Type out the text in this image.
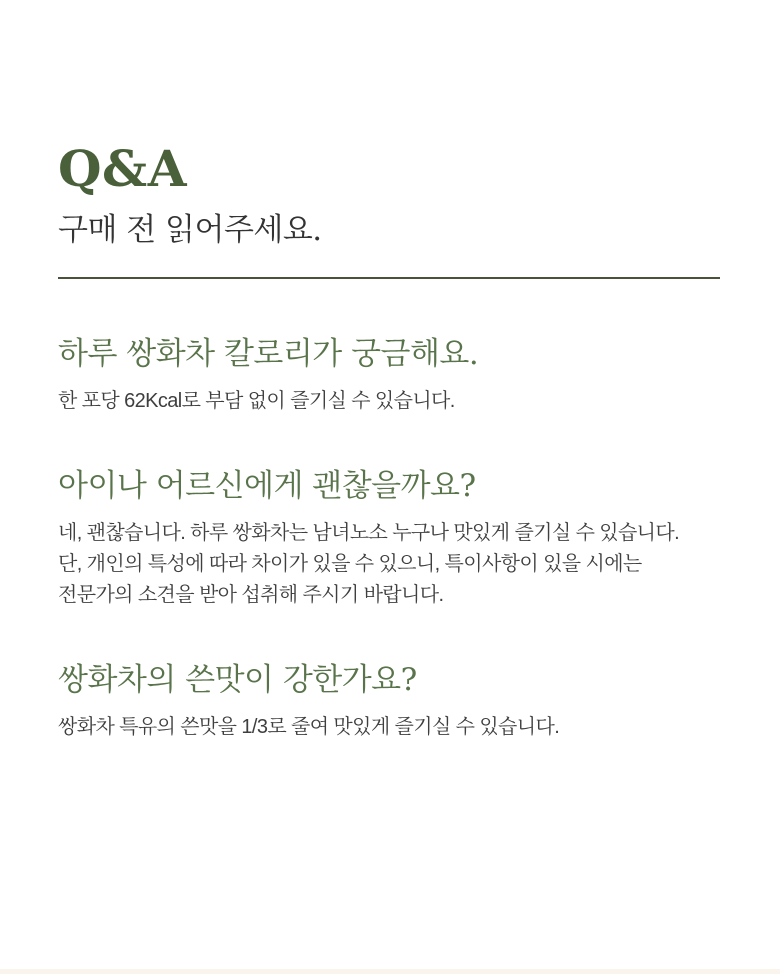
Q&A
구매 전 읽어주세요.
하루 쌍화차 칼로리가 궁금해요.
한 포당 62Kcal로 부담 없이 즐기실 수 있습니다.
아이나 어르신에게 괜찮을까요?
네, 괜찮습니다. 하루 쌍화차는 남녀노소 누구나 맛있게 즐기실 수 있습니다.
단, 개인의 특성에 따라 차이가 있을 수 있으니, 특이사항이 있을 시에는
전문가의 소견을 받아 섭취해 주시기 바랍니다.
쌍화차의 쓴맛이 강한가요?
쌍화차 특유의 쓴맛을 1/3로 줄여 맛있게 즐기실 수 있습니다.
